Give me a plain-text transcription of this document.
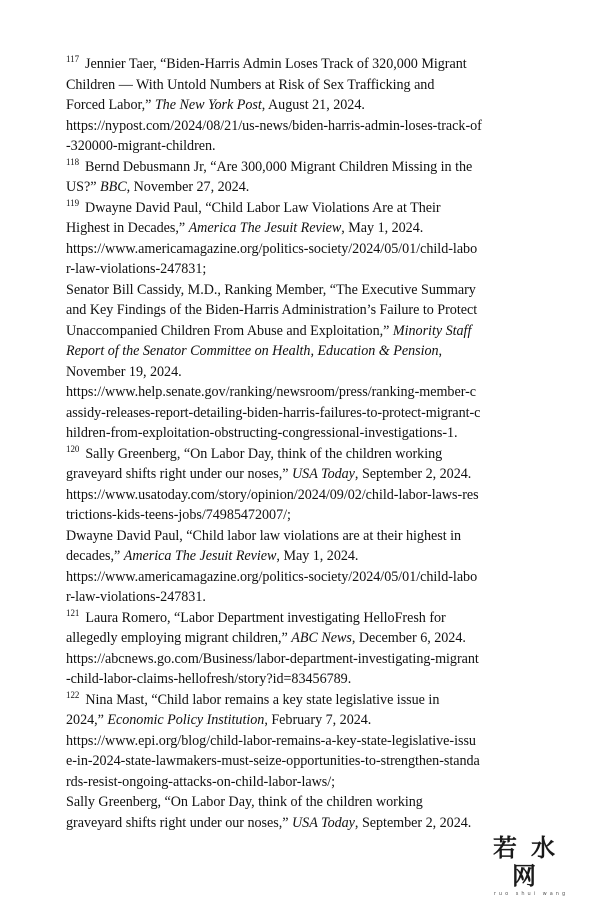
$^{117}$ Jennier Taer, “Biden-Harris Admin Loses Track of 320,000 Migrant
Children — With Untold Numbers at Risk of Sex Trafficking and
Forced Labor,” The New York Post, August 21, 2024.
https://nypost.com/2024/08/21/us-news/biden-harris-admin-loses-track-of
-320000-migrant-children.
$^{118}$ Bernd Debusmann Jr, “Are 300,000 Migrant Children Missing in the
US?” BBC, November 27, 2024.
$^{119}$ Dwayne David Paul, “Child Labor Law Violations Are at Their
Highest in Decades,” America The Jesuit Review, May 1, 2024.
https://www.americamagazine.org/politics-society/2024/05/01/child-labo
r-law-violations-247831;
Senator Bill Cassidy, M.D., Ranking Member, “The Executive Summary
and Key Findings of the Biden-Harris Administration’s Failure to Protect
Unaccompanied Children From Abuse and Exploitation,” Minority Staff
Report of the Senator Committee on Health, Education & Pension,
November 19, 2024.
https://www.help.senate.gov/ranking/newsroom/press/ranking-member-c
assidy-releases-report-detailing-biden-harris-failures-to-protect-migrant-c
hildren-from-exploitation-obstructing-congressional-investigations-1.
$^{120}$ Sally Greenberg, “On Labor Day, think of the children working
graveyard shifts right under our noses,” USA Today, September 2, 2024.
https://www.usatoday.com/story/opinion/2024/09/02/child-labor-laws-res
trictions-kids-teens-jobs/74985472007/;
Dwayne David Paul, “Child labor law violations are at their highest in
decades,” America The Jesuit Review, May 1, 2024.
https://www.americamagazine.org/politics-society/2024/05/01/child-labo
r-law-violations-247831.
$^{121}$ Laura Romero, “Labor Department investigating HelloFresh for
allegedly employing migrant children,” ABC News, December 6, 2024.
https://abcnews.go.com/Business/labor-department-investigating-migrant
-child-labor-claims-hellofresh/story?id=83456789.
$^{122}$ Nina Mast, “Child labor remains a key state legislative issue in
2024,” Economic Policy Institution, February 7, 2024.
https://www.epi.org/blog/child-labor-remains-a-key-state-legislative-issu
e-in-2024-state-lawmakers-must-seize-opportunities-to-strengthen-standa
rds-resist-ongoing-attacks-on-child-labor-laws/;
Sally Greenberg, “On Labor Day, think of the children working
graveyard shifts right under our noses,” USA Today, September 2, 2024.
若水网
ruo shui wang
